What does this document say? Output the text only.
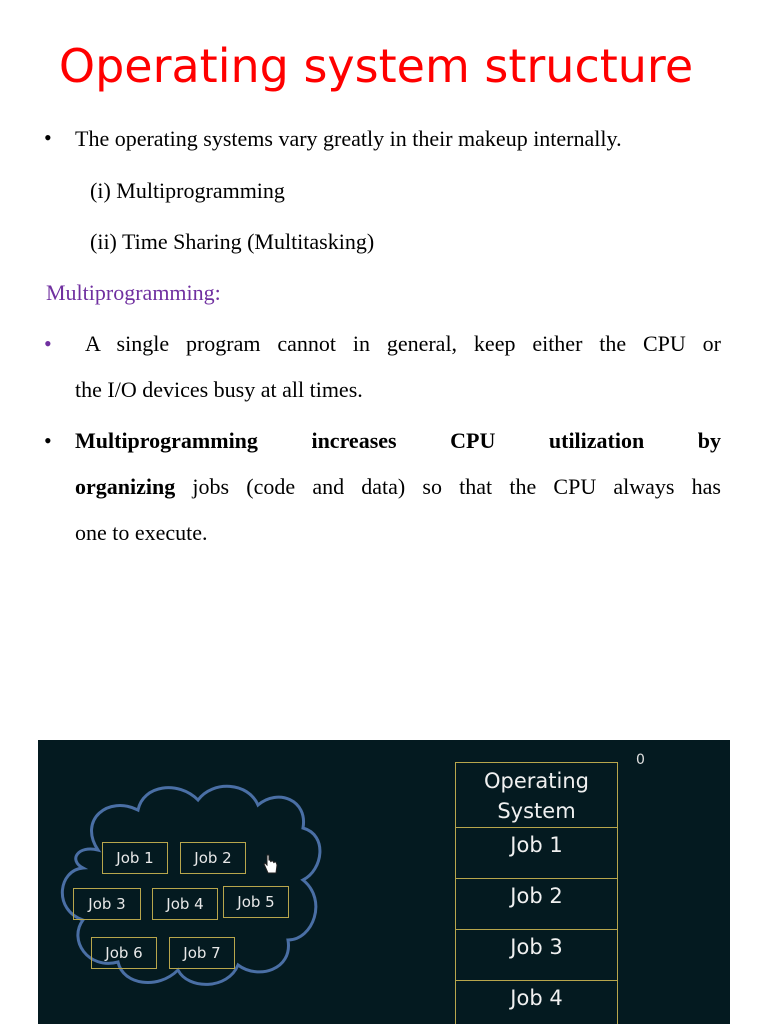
Operating system structure
• The operating systems vary greatly in their makeup internally.
(i) Multiprogramming
(ii) Time Sharing (Multitasking)
Multiprogramming:
•	A single program cannot in general, keep either the CPU or
the I/O devices busy at all times.
• Multiprogramming increases CPU utilization by
organizing jobs (code and data) so that the CPU always has
one to execute.
Job 1	Job 2
Job 3	Job 4	Job 5
Job 6	Job 7
0
Operating System
Job 1
Job 2
Job 3
Job 4
